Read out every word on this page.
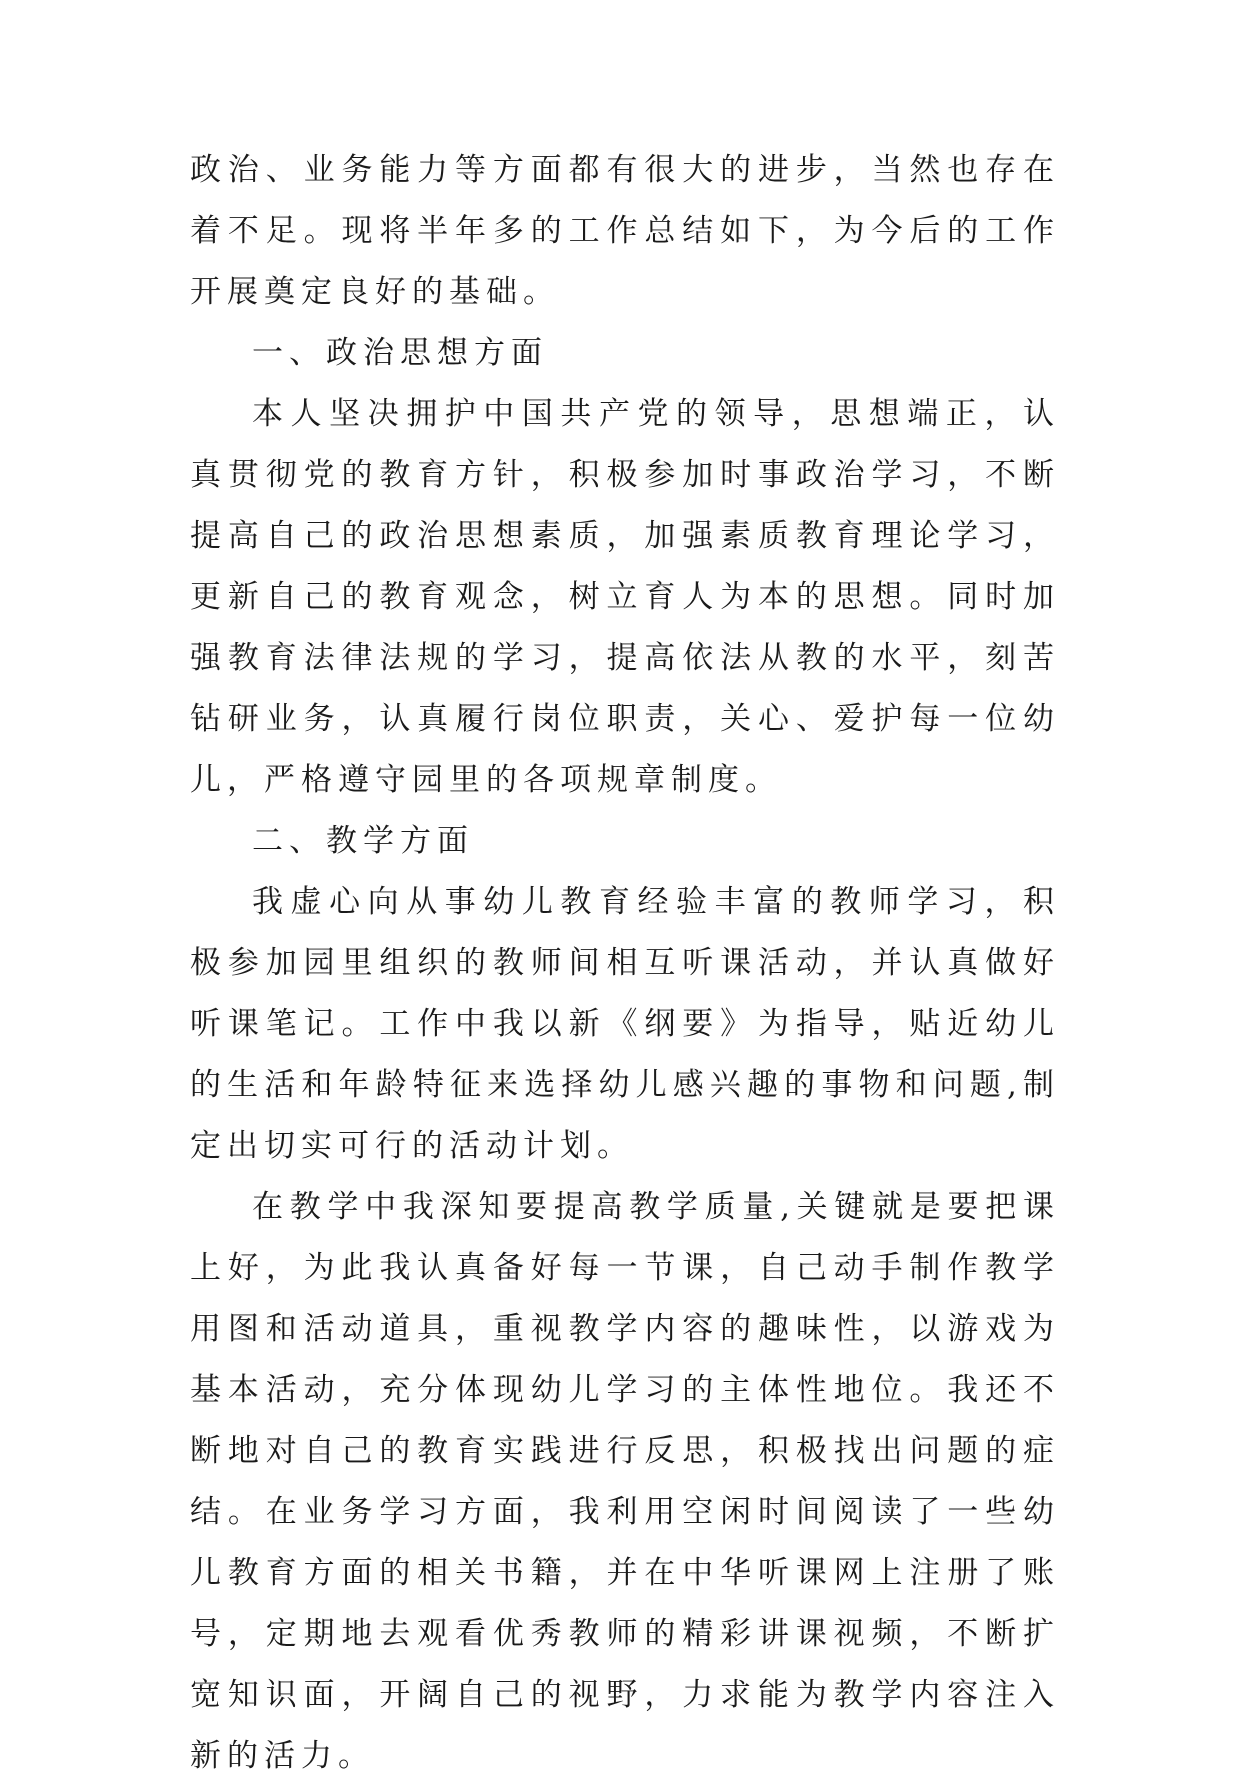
政治、业务能力等方面都有很大的进步，当然也存在着不足。现将半年多的工作总结如下，为今后的工作开展奠定良好的基础。

一、政治思想方面

本人坚决拥护中国共产党的领导，思想端正，认真贯彻党的教育方针，积极参加时事政治学习，不断提高自己的政治思想素质，加强素质教育理论学习，更新自己的教育观念，树立育人为本的思想。同时加强教育法律法规的学习，提高依法从教的水平，刻苦钻研业务，认真履行岗位职责，关心、爱护每一位幼儿，严格遵守园里的各项规章制度。

二、教学方面

我虚心向从事幼儿教育经验丰富的教师学习，积极参加园里组织的教师间相互听课活动，并认真做好听课笔记。工作中我以新《纲要》为指导，贴近幼儿的生活和年龄特征来选择幼儿感兴趣的事物和问题,制定出切实可行的活动计划。

在教学中我深知要提高教学质量,关键就是要把课上好，为此我认真备好每一节课，自己动手制作教学用图和活动道具，重视教学内容的趣味性，以游戏为基本活动，充分体现幼儿学习的主体性地位。我还不断地对自己的教育实践进行反思，积极找出问题的症结。在业务学习方面，我利用空闲时间阅读了一些幼儿教育方面的相关书籍，并在中华听课网上注册了账号，定期地去观看优秀教师的精彩讲课视频，不断扩宽知识面，开阔自己的视野，力求能为教学内容注入新的活力。
